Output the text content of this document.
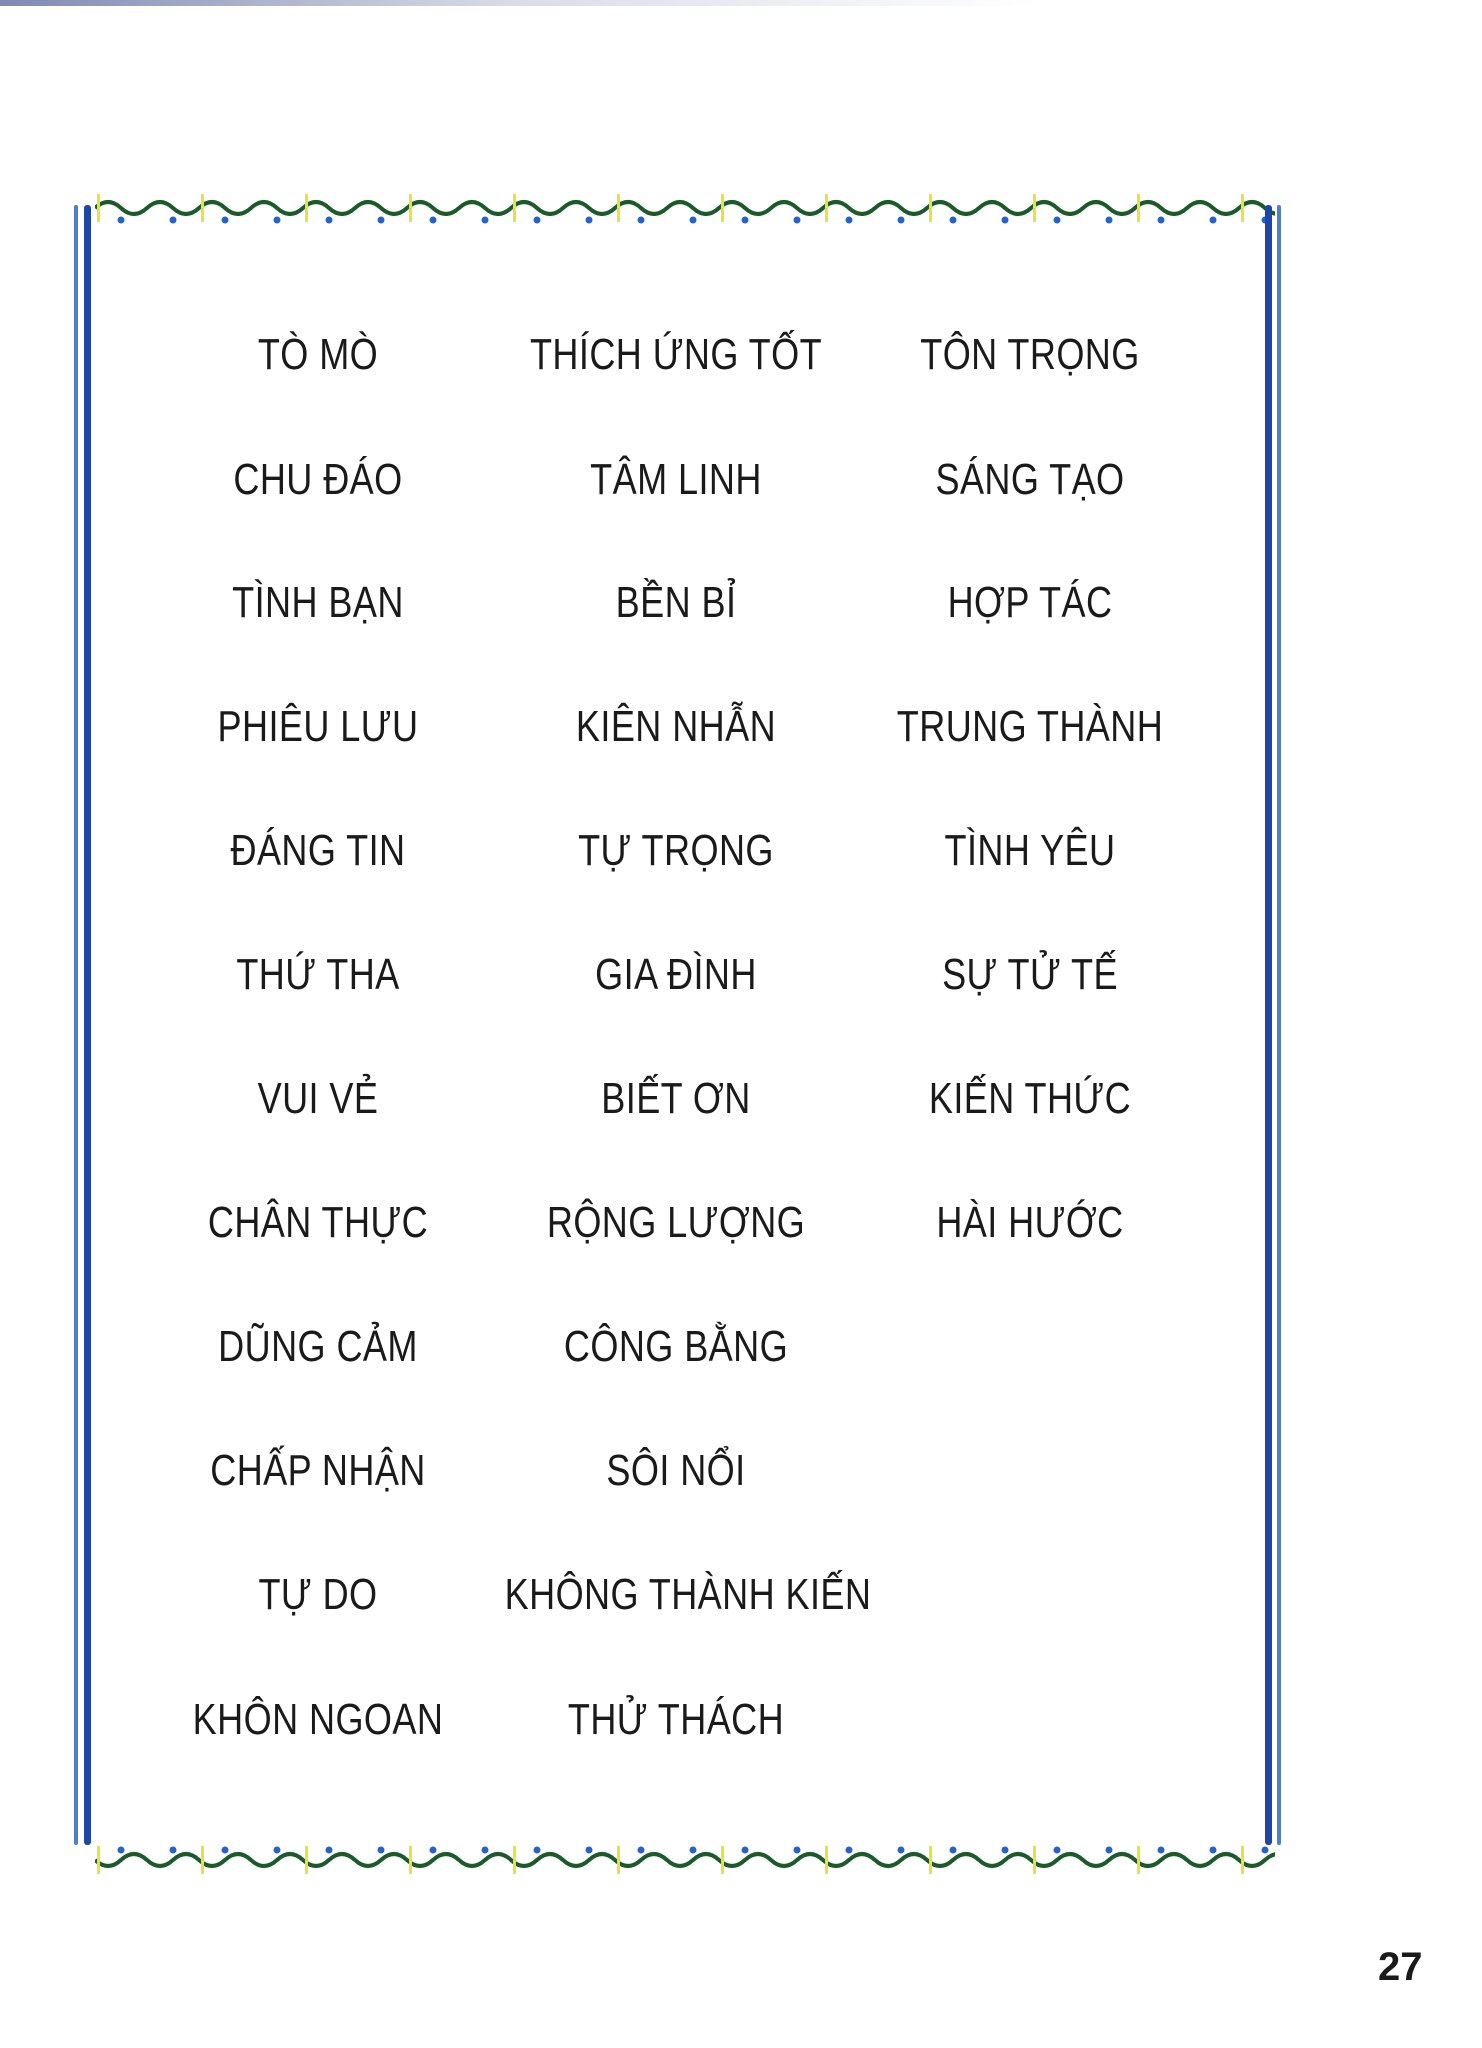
TÒ MÒ
CHU ĐÁO
TÌNH BẠN
PHIÊU LƯU
ĐÁNG TIN
THỨ THA
VUI VẺ
CHÂN THỰC
DŨNG CẢM
CHẤP NHẬN
TỰ DO
KHÔN NGOAN
THÍCH ỨNG TỐT
TÂM LINH
BỀN BỈ
KIÊN NHẪN
TỰ TRỌNG
GIA ĐÌNH
BIẾT ƠN
RỘNG LƯỢNG
CÔNG BẰNG
SÔI NỔI
KHÔNG THÀNH KIẾN
THỬ THÁCH
TÔN TRỌNG
SÁNG TẠO
HỢP TÁC
TRUNG THÀNH
TÌNH YÊU
SỰ TỬ TẾ
KIẾN THỨC
HÀI HƯỚC
27
